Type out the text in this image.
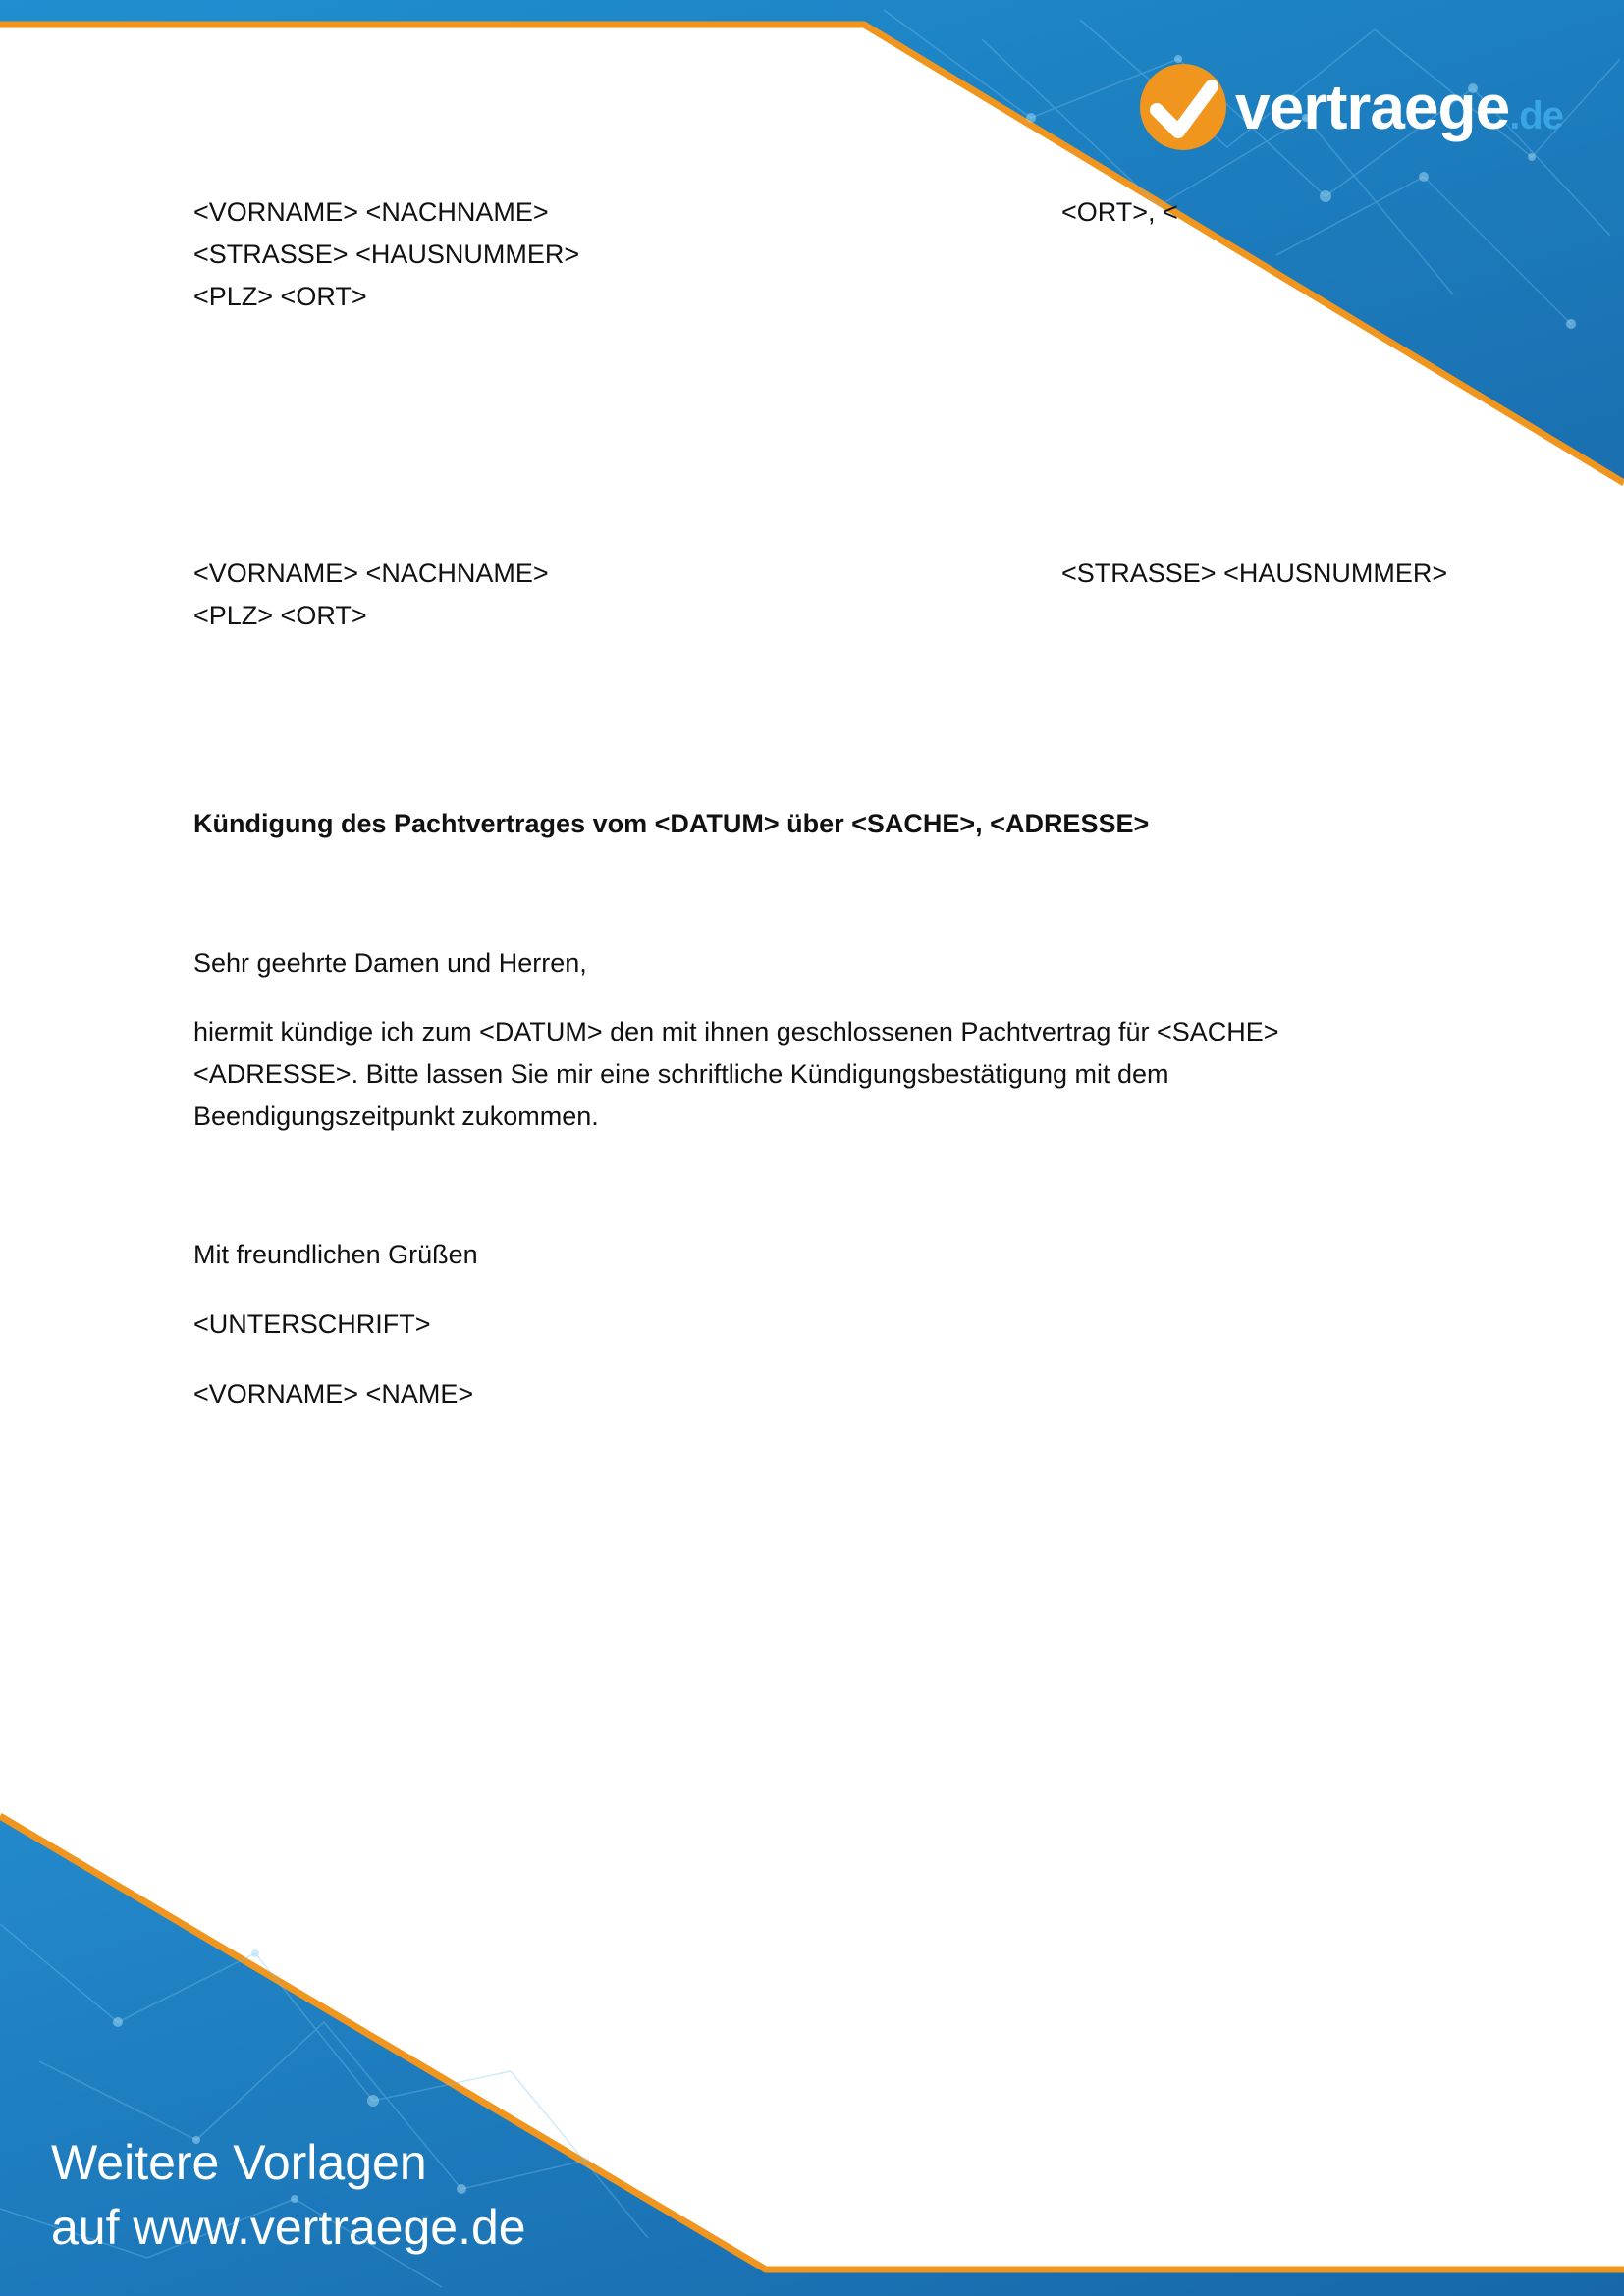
vertraege.de
<VORNAME> <NACHNAME>
<STRASSE> <HAUSNUMMER>
<PLZ> <ORT>
<ORT>, <
<VORNAME> <NACHNAME>
<PLZ> <ORT>
<STRASSE> <HAUSNUMMER>
Kündigung des Pachtvertrages vom <DATUM> über <SACHE>, <ADRESSE>
Sehr geehrte Damen und Herren,
hiermit kündige ich zum <DATUM> den mit ihnen geschlossenen Pachtvertrag für <SACHE>
<ADRESSE>. Bitte lassen Sie mir eine schriftliche Kündigungsbestätigung mit dem
Beendigungszeitpunkt zukommen.
Mit freundlichen Grüßen
<UNTERSCHRIFT>
<VORNAME> <NAME>
Weitere Vorlagen
auf www.vertraege.de
